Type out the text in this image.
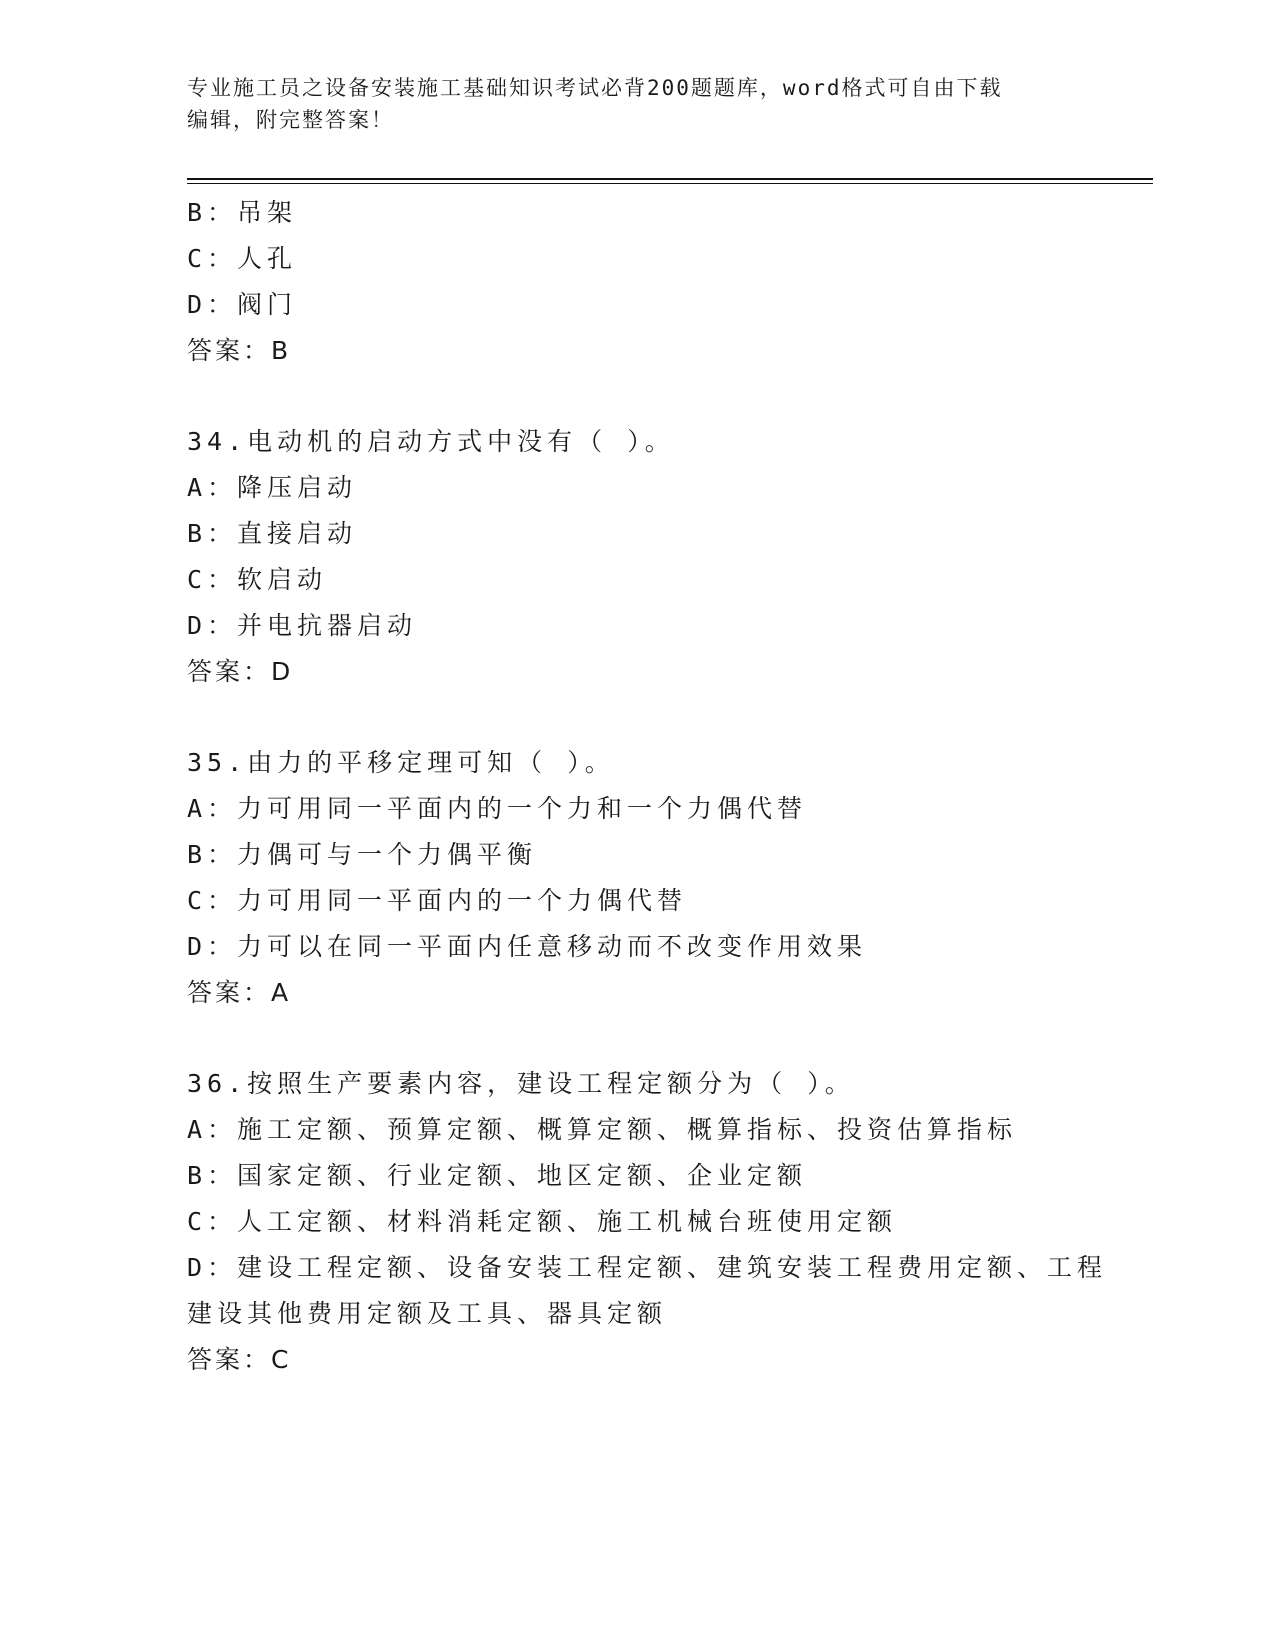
专业施工员之设备安装施工基础知识考试必背200题题库，word格式可自由下载
编辑，附完整答案！
B：吊架
C：人孔
D：阀门
答案：B
34.电动机的启动方式中没有（ ）。
A：降压启动
B：直接启动
C：软启动
D：并电抗器启动
答案：D
35.由力的平移定理可知（ ）。
A：力可用同一平面内的一个力和一个力偶代替
B：力偶可与一个力偶平衡
C：力可用同一平面内的一个力偶代替
D：力可以在同一平面内任意移动而不改变作用效果
答案：A
36.按照生产要素内容，建设工程定额分为（ ）。
A：施工定额、预算定额、概算定额、概算指标、投资估算指标
B：国家定额、行业定额、地区定额、企业定额
C：人工定额、材料消耗定额、施工机械台班使用定额
D：建设工程定额、设备安装工程定额、建筑安装工程费用定额、工程
建设其他费用定额及工具、器具定额
答案：C
